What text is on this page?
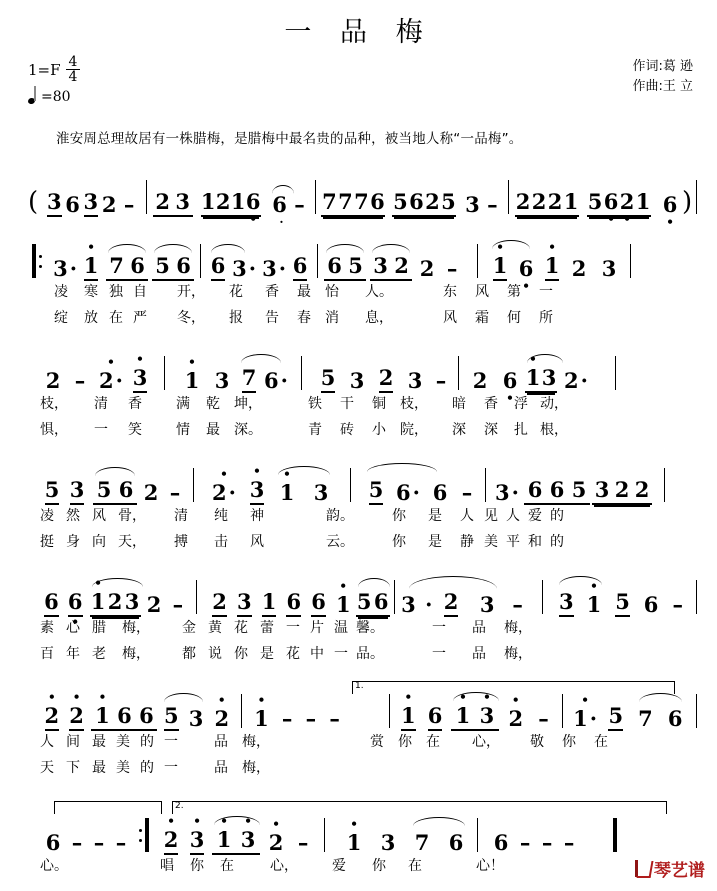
一 品 梅
$1=F \frac{4}{4}$
=80
作词:葛 逊
作曲:王 立
淮安周总理故居有一株腊梅，是腊梅中最名贵的品种，被当地人称“一品梅”。
( 3 6 3 2 – 2 3 1 2 1 6 • 6 · – 7 7 7 6 5 6 2 5 3 – 2 2 2 1 5 6 • 2 • 1 6 • )
3 · • 1 7 6 5 6 6 3 · 3 · 6 6 5 3 2 2 –	• 1 6 • • 1 2 3
凌	寒 独 自	开，	花	香	最	怡	人。	东	风	第	一
绽	放 在 严	冬，	报	告	春	消	息，	风	霜	何	所
2 – • 2 · • 3	• 1 3 7 6 ·	5 3 2 3 –	2 6 • • 1 3 2 ·
枝，	清	香	满	乾	坤，	铁	干	铜	枝，	暗	香	浮 动，
惧，	一	笑	情	最	深。	青	砖	小	院，	深	深	扎 根，
5 3 5 6 2 –	• 2 ·	• 3 • 1 3	5 6 ·	6 –	3 · 6 6 5 3 2 2
凌 然 风 骨，	清	纯	神	韵。	你	是	人 见 人 爱 的
挺 身 向 天，	搏	击	风	云。	你	是	静 美 平 和 的
6 6 • • 1 2 3 2 –	2 3 1 6 6 • 1 5 6 3 ·	2	3 –	3 • 1 5 6 –
素 心 腊	梅，	金 黄 花 蕾 一 片 温 馨。	一	品	梅，
百 年 老	梅，	都 说 你 是 花 中 一 品。	一	品	梅，
1.
• 2 • 2 • 1 6 6 5 3 • 2	• 1 – – –	• 1 6 • 1 • 3 • 2 –	• 1 · 5 7 6
人 间 最 美 的 一	品	梅，	赏	你	在	心，	敬	你	在
天 下 最 美 的 一	品	梅，
2.
6 – – – • 2 • 3 • 1 • 3 • 2 –	• 1 3 7 6	6 – – –
心。	唱	你	在	心，	爱	你	在	心！	琴艺谱
